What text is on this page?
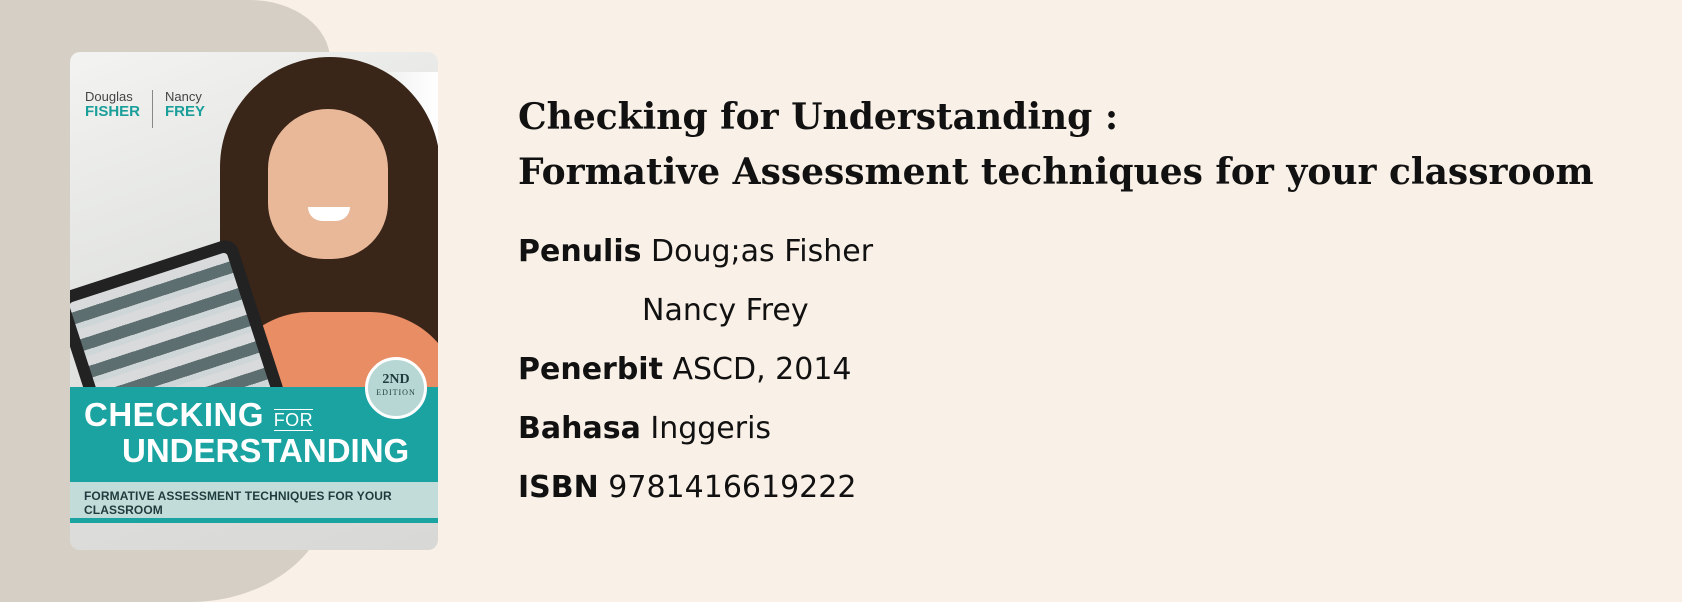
Douglas
FISHER
Nancy
FREY
CHECKING FOR
UNDERSTANDING
FORMATIVE ASSESSMENT TECHNIQUES FOR YOUR CLASSROOM
2ND
EDITION
Checking for Understanding :
Formative Assessment techniques for your classroom
Penulis Doug;as Fisher
Nancy Frey
Penerbit ASCD, 2014
Bahasa Inggeris
ISBN 9781416619222
